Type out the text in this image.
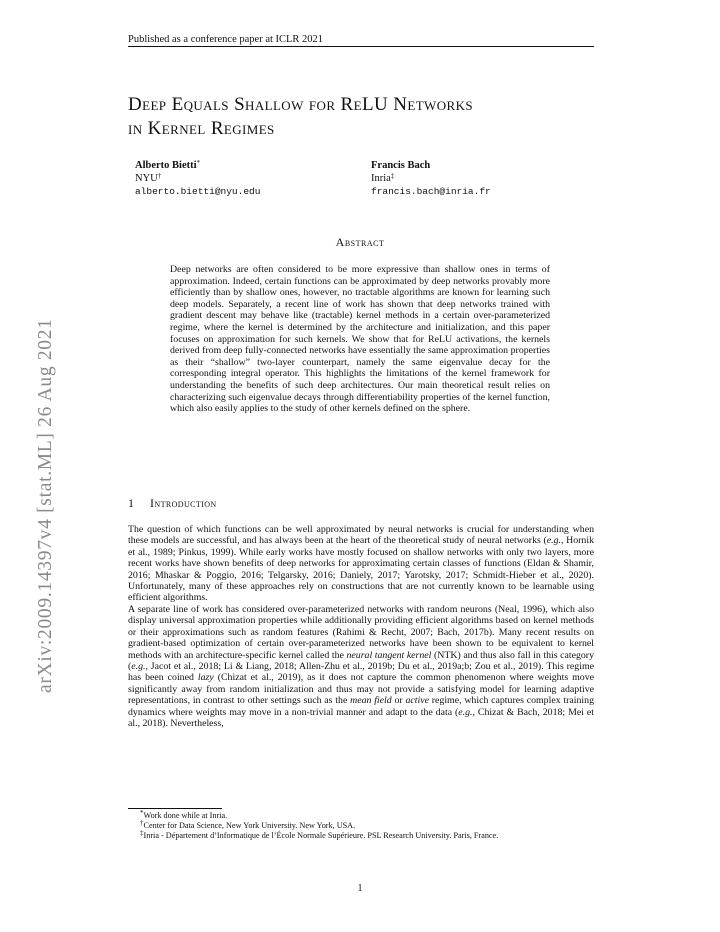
Published as a conference paper at ICLR 2021
arXiv:2009.14397v4 [stat.ML] 26 Aug 2021
Deep Equals Shallow for ReLU Networks
in Kernel Regimes
Alberto Bietti*
NYU†
alberto.bietti@nyu.edu
Francis Bach
Inria‡
francis.bach@inria.fr
Abstract
Deep networks are often considered to be more expressive than shallow ones in terms of approximation. Indeed, certain functions can be approximated by deep networks provably more efficiently than by shallow ones, however, no tractable algorithms are known for learning such deep models. Separately, a recent line of work has shown that deep networks trained with gradient descent may behave like (tractable) kernel methods in a certain over-parameterized regime, where the kernel is determined by the architecture and initialization, and this paper focuses on approximation for such kernels. We show that for ReLU activations, the kernels derived from deep fully-connected networks have essentially the same approximation properties as their “shallow” two-layer counterpart, namely the same eigenvalue decay for the corresponding integral operator. This highlights the limitations of the kernel framework for understanding the benefits of such deep architectures. Our main theoretical result relies on characterizing such eigenvalue decays through differentiability properties of the kernel function, which also easily applies to the study of other kernels defined on the sphere.
1 Introduction

The question of which functions can be well approximated by neural networks is crucial for understanding when these models are successful, and has always been at the heart of the theoretical study of neural networks (e.g., Hornik et al., 1989; Pinkus, 1999). While early works have mostly focused on shallow networks with only two layers, more recent works have shown benefits of deep networks for approximating certain classes of functions (Eldan & Shamir, 2016; Mhaskar & Poggio, 2016; Telgarsky, 2016; Daniely, 2017; Yarotsky, 2017; Schmidt-Hieber et al., 2020). Unfortunately, many of these approaches rely on constructions that are not currently known to be learnable using efficient algorithms.

A separate line of work has considered over-parameterized networks with random neurons (Neal, 1996), which also display universal approximation properties while additionally providing efficient algorithms based on kernel methods or their approximations such as random features (Rahimi & Recht, 2007; Bach, 2017b). Many recent results on gradient-based optimization of certain over-parameterized networks have been shown to be equivalent to kernel methods with an architecture-specific kernel called the neural tangent kernel (NTK) and thus also fall in this category (e.g., Jacot et al., 2018; Li & Liang, 2018; Allen-Zhu et al., 2019b; Du et al., 2019a;b; Zou et al., 2019). This regime has been coined lazy (Chizat et al., 2019), as it does not capture the common phenomenon where weights move significantly away from random initialization and thus may not provide a satisfying model for learning adaptive representations, in contrast to other settings such as the mean field or active regime, which captures complex training dynamics where weights may move in a non-trivial manner and adapt to the data (e.g., Chizat & Bach, 2018; Mei et al., 2018). Nevertheless,

*Work done while at Inria.

†Center for Data Science, New York University. New York, USA.

‡Inria - Département d’Informatique de l’École Normale Supérieure. PSL Research University. Paris, France.

1
